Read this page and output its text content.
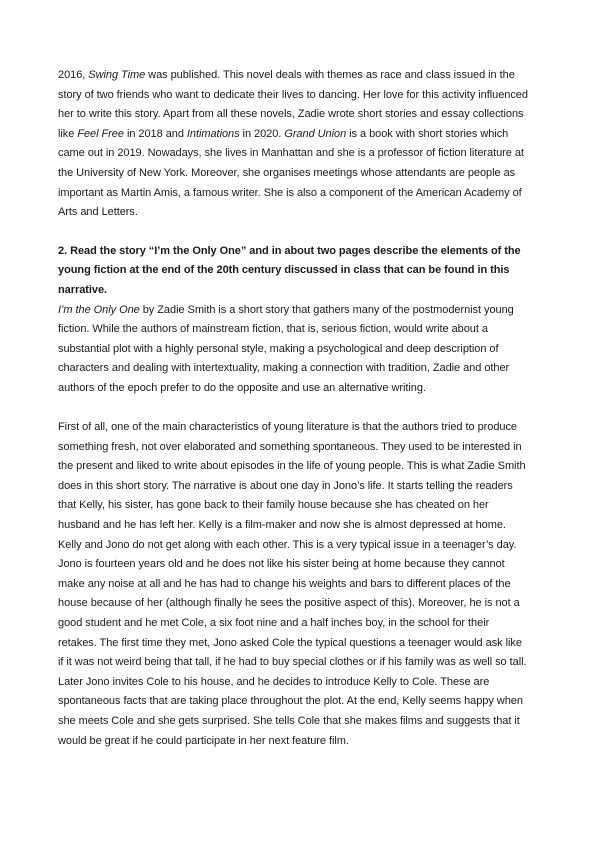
2016, Swing Time was published. This novel deals with themes as race and class issued in the story of two friends who want to dedicate their lives to dancing. Her love for this activity influenced her to write this story. Apart from all these novels, Zadie wrote short stories and essay collections like Feel Free in 2018 and Intimations in 2020. Grand Union is a book with short stories which came out in 2019. Nowadays, she lives in Manhattan and she is a professor of fiction literature at the University of New York. Moreover, she organises meetings whose attendants are people as important as Martin Amis, a famous writer. She is also a component of the American Academy of Arts and Letters.

2. Read the story “I’m the Only One” and in about two pages describe the elements of the young fiction at the end of the 20th century discussed in class that can be found in this narrative.

I’m the Only One by Zadie Smith is a short story that gathers many of the postmodernist young fiction. While the authors of mainstream fiction, that is, serious fiction, would write about a substantial plot with a highly personal style, making a psychological and deep description of characters and dealing with intertextuality, making a connection with tradition, Zadie and other authors of the epoch prefer to do the opposite and use an alternative writing.

First of all, one of the main characteristics of young literature is that the authors tried to produce something fresh, not over elaborated and something spontaneous. They used to be interested in the present and liked to write about episodes in the life of young people. This is what Zadie Smith does in this short story. The narrative is about one day in Jono’s life. It starts telling the readers that Kelly, his sister, has gone back to their family house because she has cheated on her husband and he has left her. Kelly is a film-maker and now she is almost depressed at home. Kelly and Jono do not get along with each other. This is a very typical issue in a teenager’s day. Jono is fourteen years old and he does not like his sister being at home because they cannot make any noise at all and he has had to change his weights and bars to different places of the house because of her (although finally he sees the positive aspect of this). Moreover, he is not a good student and he met Cole, a six foot nine and a half inches boy, in the school for their retakes. The first time they met, Jono asked Cole the typical questions a teenager would ask like if it was not weird being that tall, if he had to buy special clothes or if his family was as well so tall. Later Jono invites Cole to his house, and he decides to introduce Kelly to Cole. These are spontaneous facts that are taking place throughout the plot. At the end, Kelly seems happy when she meets Cole and she gets surprised. She tells Cole that she makes films and suggests that it would be great if he could participate in her next feature film.
